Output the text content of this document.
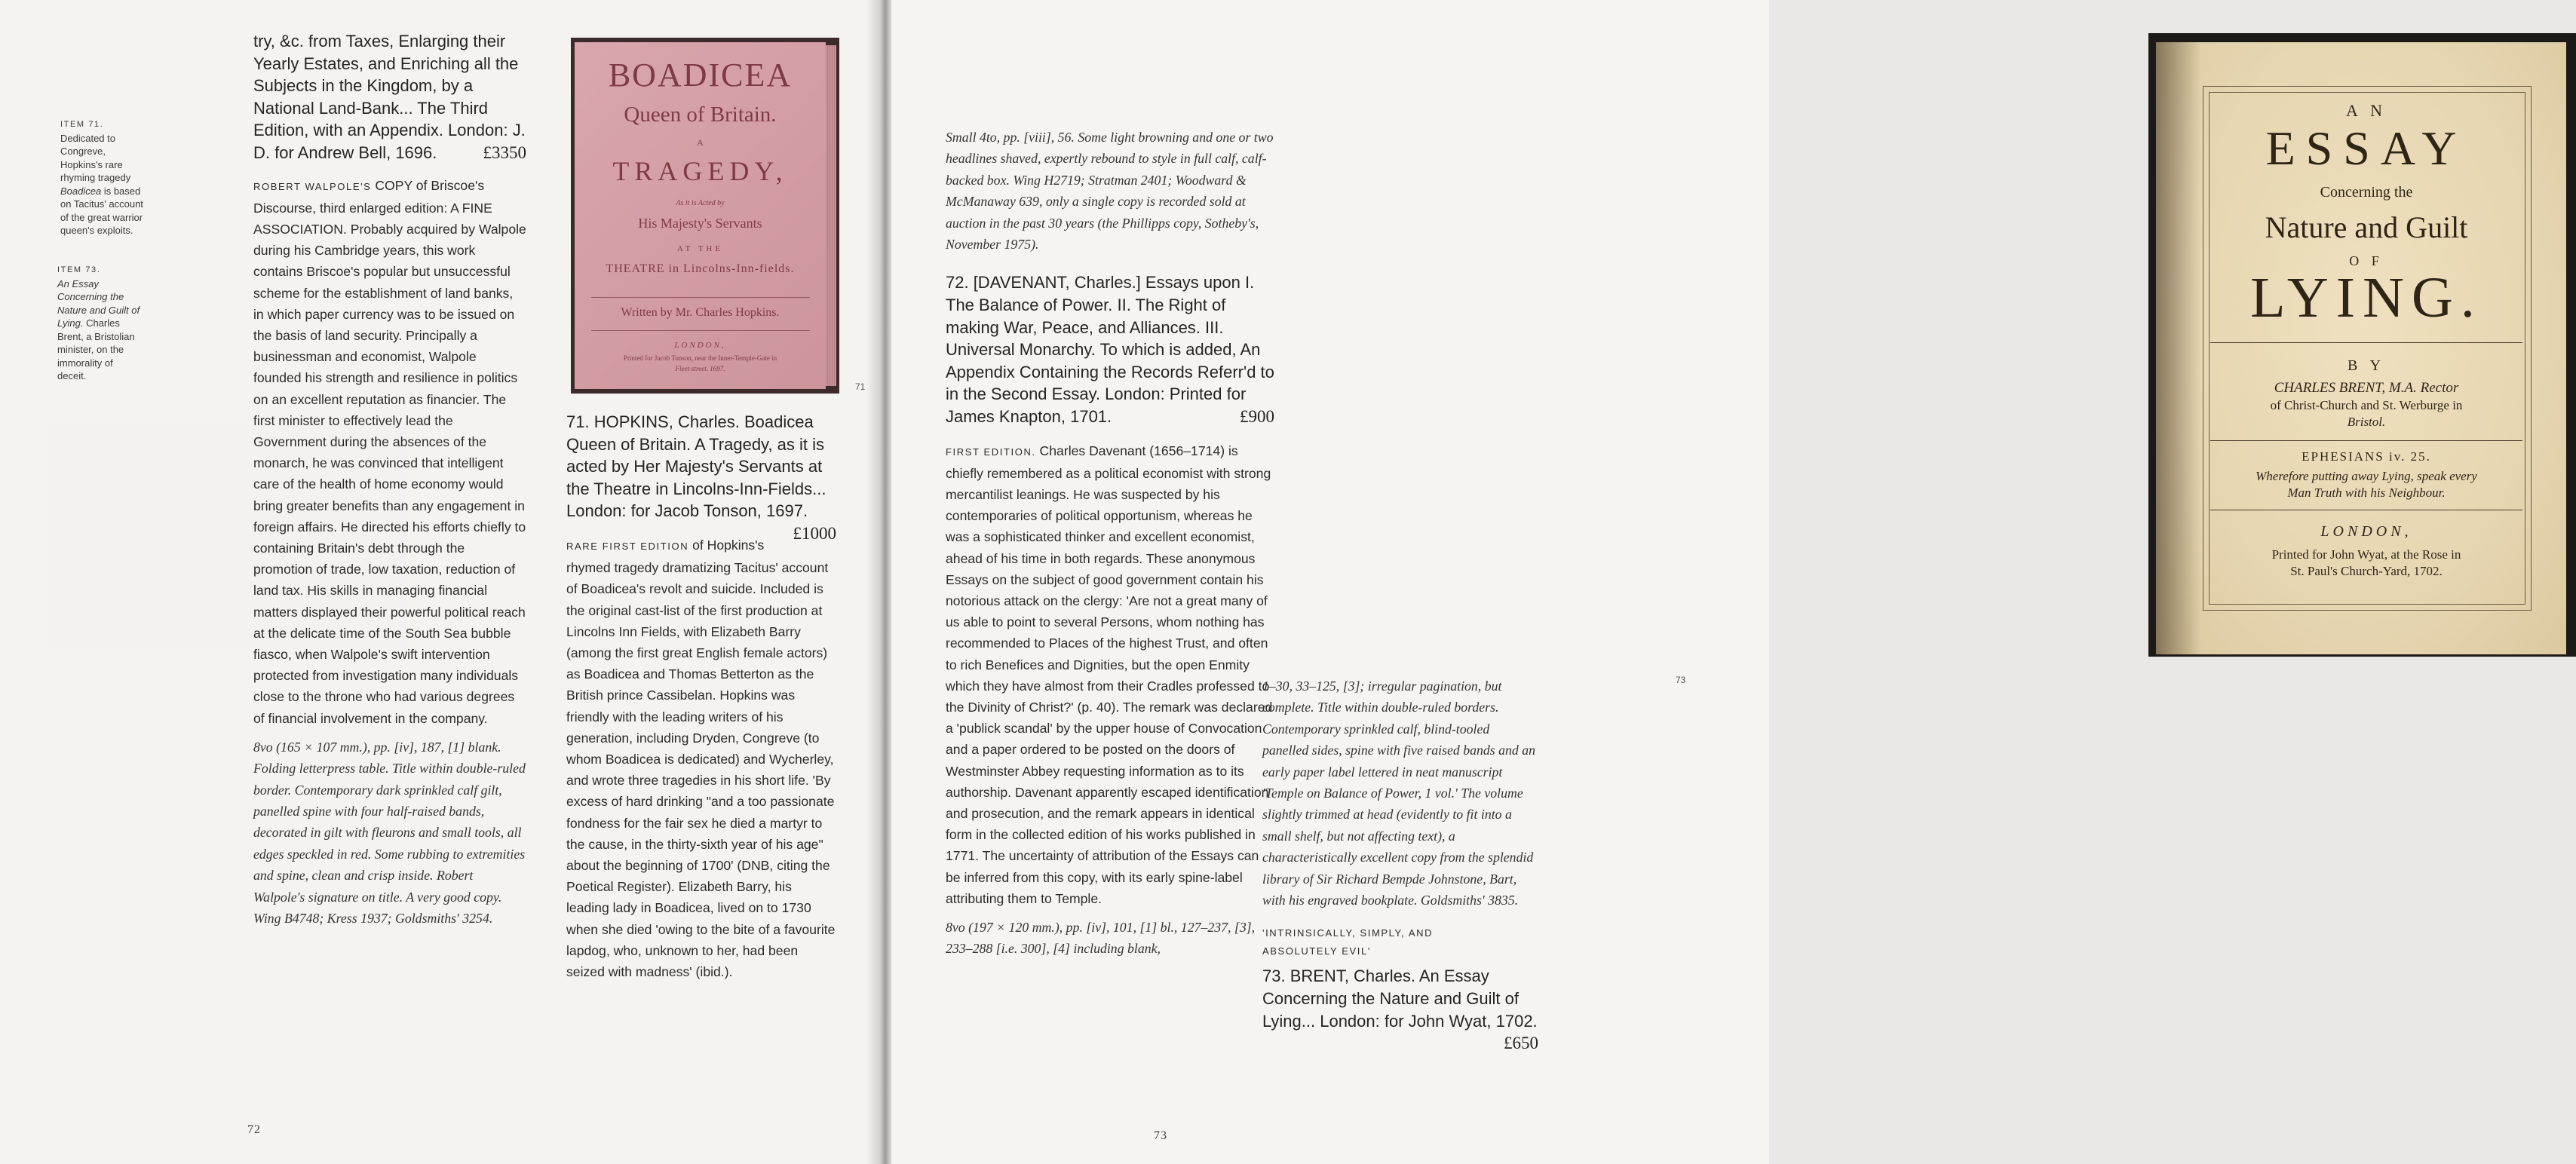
ITEM 71.
Dedicated to Congreve, Hopkins's rare rhyming tragedy Boadicea is based on Tacitus' account of the great warrior queen's exploits.
ITEM 73.
An Essay Concerning the Nature and Guilt of Lying. Charles Brent, a Bristolian minister, on the immorality of deceit.
try, &c. from Taxes, Enlarging their Yearly Estates, and Enriching all the Subjects in the Kingdom, by a National Land-Bank... The Third Edition, with an Appendix. London: J. D. for Andrew Bell, 1696.	£3350
ROBERT WALPOLE'S COPY of Briscoe's Discourse, third enlarged edition: A FINE ASSOCIATION. Probably acquired by Walpole during his Cambridge years, this work contains Briscoe's popular but unsuccessful scheme for the establishment of land banks, in which paper currency was to be issued on the basis of land security. Principally a businessman and economist, Walpole founded his strength and resilience in politics on an excellent reputation as financier. The first minister to effectively lead the Government during the absences of the monarch, he was convinced that intelligent care of the health of home economy would bring greater benefits than any engagement in foreign affairs. He directed his efforts chiefly to containing Britain's debt through the promotion of trade, low taxation, reduction of land tax. His skills in managing financial matters displayed their powerful political reach at the delicate time of the South Sea bubble fiasco, when Walpole's swift intervention protected from investigation many individuals close to the throne who had various degrees of financial involvement in the company.
8vo (165 × 107 mm.), pp. [iv], 187, [1] blank. Folding letterpress table. Title within double-ruled border. Contemporary dark sprinkled calf gilt, panelled spine with four half-raised bands, decorated in gilt with fleurons and small tools, all edges speckled in red. Some rubbing to extremities and spine, clean and crisp inside. Robert Walpole's signature on title. A very good copy. Wing B4748; Kress 1937; Goldsmiths' 3254.
BOADICEA
Queen of Britain.
A
TRAGEDY,
As it is Acted by
His Majesty's Servants
AT THE
THEATRE in Lincolns-Inn-fields.
Written by Mr. Charles Hopkins.
LONDON,
Printed for Jacob Tonson, near the Inner-Temple-Gate in
Fleet-street. 1697.
71
71. HOPKINS, Charles. Boadicea Queen of Britain. A Tragedy, as it is acted by Her Majesty's Servants at the Theatre in Lincolns-Inn-Fields... London: for Jacob Tonson, 1697.
£1000
RARE FIRST EDITION of Hopkins's rhymed tragedy dramatizing Tacitus' account of Boadicea's revolt and suicide. Included is the original cast-list of the first production at Lincolns Inn Fields, with Elizabeth Barry (among the first great English female actors) as Boadicea and Thomas Betterton as the British prince Cassibelan. Hopkins was friendly with the leading writers of his generation, including Dryden, Congreve (to whom Boadicea is dedicated) and Wycherley, and wrote three tragedies in his short life. 'By excess of hard drinking "and a too passionate fondness for the fair sex he died a martyr to the cause, in the thirty-sixth year of his age" about the beginning of 1700' (DNB, citing the Poetical Register). Elizabeth Barry, his leading lady in Boadicea, lived on to 1730 when she died 'owing to the bite of a favourite lapdog, who, unknown to her, had been seized with madness' (ibid.).
72
Small 4to, pp. [viii], 56. Some light browning and one or two headlines shaved, expertly rebound to style in full calf, calf-backed box. Wing H2719; Stratman 2401; Woodward & McManaway 639, only a single copy is recorded sold at auction in the past 30 years (the Phillipps copy, Sotheby's, November 1975).
72. [DAVENANT, Charles.] Essays upon I. The Balance of Power. II. The Right of making War, Peace, and Alliances. III. Universal Monarchy. To which is added, An Appendix Containing the Records Referr'd to in the Second Essay. London: Printed for James Knapton, 1701.	£900
FIRST EDITION. Charles Davenant (1656–1714) is chiefly remembered as a political economist with strong mercantilist leanings. He was suspected by his contemporaries of political opportunism, whereas he was a sophisticated thinker and excellent economist, ahead of his time in both regards. These anonymous Essays on the subject of good government contain his notorious attack on the clergy: 'Are not a great many of us able to point to several Persons, whom nothing has recommended to Places of the highest Trust, and often to rich Benefices and Dignities, but the open Enmity which they have almost from their Cradles professed to the Divinity of Christ?' (p. 40). The remark was declared a 'publick scandal' by the upper house of Convocation and a paper ordered to be posted on the doors of Westminster Abbey requesting information as to its authorship. Davenant apparently escaped identification and prosecution, and the remark appears in identical form in the collected edition of his works published in 1771. The uncertainty of attribution of the Essays can be inferred from this copy, with its early spine-label attributing them to Temple.
8vo (197 × 120 mm.), pp. [iv], 101, [1] bl., 127–237, [3], 233–288 [i.e. 300], [4] including blank,
A N
ESSAY
Concerning the
Nature and Guilt
O F
LYING.
B Y
CHARLES BRENT, M.A. Rector
of Christ-Church and St. Werburge in
Bristol.
EPHESIANS iv. 25.
Wherefore putting away Lying, speak every
Man Truth with his Neighbour.
LONDON,
Printed for John Wyat, at the Rose in
St. Paul's Church-Yard, 1702.
73
1–30, 33–125, [3]; irregular pagination, but complete. Title within double-ruled borders. Contemporary sprinkled calf, blind-tooled panelled sides, spine with five raised bands and an early paper label lettered in neat manuscript 'Temple on Balance of Power, 1 vol.' The volume slightly trimmed at head (evidently to fit into a small shelf, but not affecting text), a characteristically excellent copy from the splendid library of Sir Richard Bempde Johnstone, Bart, with his engraved bookplate. Goldsmiths' 3835.
'INTRINSICALLY, SIMPLY, AND ABSOLUTELY EVIL'
73. BRENT, Charles. An Essay Concerning the Nature and Guilt of Lying... London: for John Wyat, 1702.
£650
73
